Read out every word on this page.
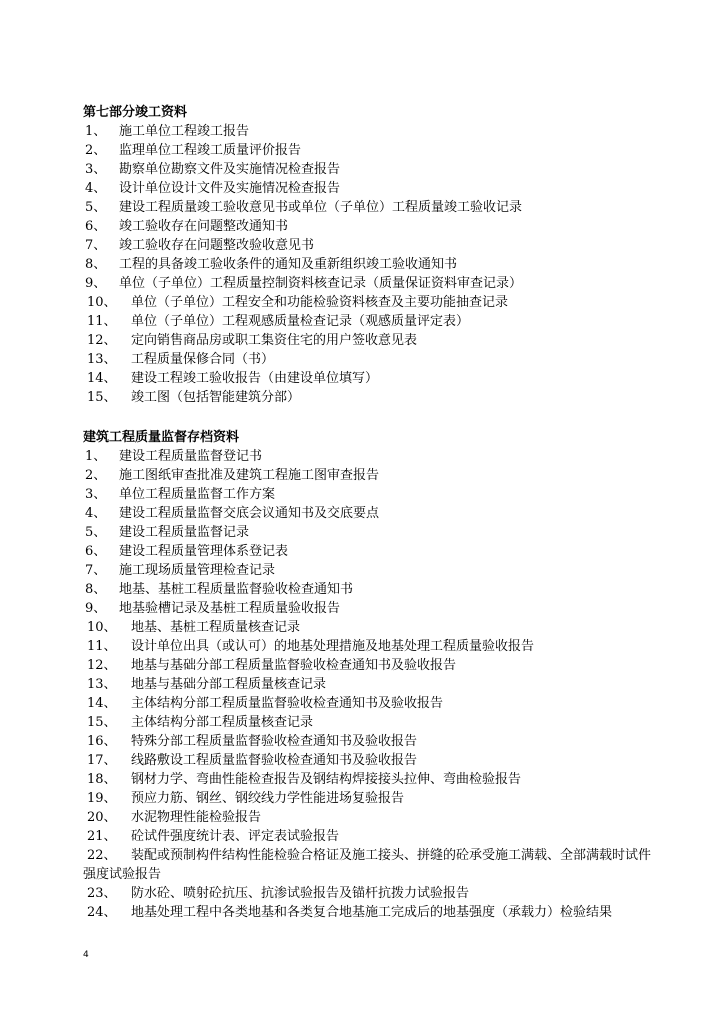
第七部分竣工资料
1、 施工单位工程竣工报告
2、 监理单位工程竣工质量评价报告
3、 勘察单位勘察文件及实施情况检查报告
4、 设计单位设计文件及实施情况检查报告
5、 建设工程质量竣工验收意见书或单位（子单位）工程质量竣工验收记录
6、 竣工验收存在问题整改通知书
7、 竣工验收存在问题整改验收意见书
8、 工程的具备竣工验收条件的通知及重新组织竣工验收通知书
9、 单位（子单位）工程质量控制资料核查记录（质量保证资料审查记录）
10、 单位（子单位）工程安全和功能检验资料核查及主要功能抽查记录
11、 单位（子单位）工程观感质量检查记录（观感质量评定表）
12、 定向销售商品房或职工集资住宅的用户签收意见表
13、 工程质量保修合同（书）
14、 建设工程竣工验收报告（由建设单位填写）
15、 竣工图（包括智能建筑分部）
建筑工程质量监督存档资料
1、 建设工程质量监督登记书
2、 施工图纸审查批准及建筑工程施工图审查报告
3、 单位工程质量监督工作方案
4、 建设工程质量监督交底会议通知书及交底要点
5、 建设工程质量监督记录
6、 建设工程质量管理体系登记表
7、 施工现场质量管理检查记录
8、 地基、基桩工程质量监督验收检查通知书
9、 地基验槽记录及基桩工程质量验收报告
10、 地基、基桩工程质量核查记录
11、 设计单位出具（或认可）的地基处理措施及地基处理工程质量验收报告
12、 地基与基础分部工程质量监督验收检查通知书及验收报告
13、 地基与基础分部工程质量核查记录
14、 主体结构分部工程质量监督验收检查通知书及验收报告
15、 主体结构分部工程质量核查记录
16、 特殊分部工程质量监督验收检查通知书及验收报告
17、 线路敷设工程质量监督验收检查通知书及验收报告
18、 钢材力学、弯曲性能检查报告及钢结构焊接接头拉伸、弯曲检验报告
19、 预应力筋、钢丝、钢绞线力学性能进场复验报告
20、 水泥物理性能检验报告
21、 砼试件强度统计表、评定表试验报告
22、 装配或预制构件结构性能检验合格证及施工接头、拼缝的砼承受施工满载、全部满载时试件强度试验报告
23、 防水砼、喷射砼抗压、抗渗试验报告及锚杆抗拨力试验报告
24、 地基处理工程中各类地基和各类复合地基施工完成后的地基强度（承载力）检验结果
4
